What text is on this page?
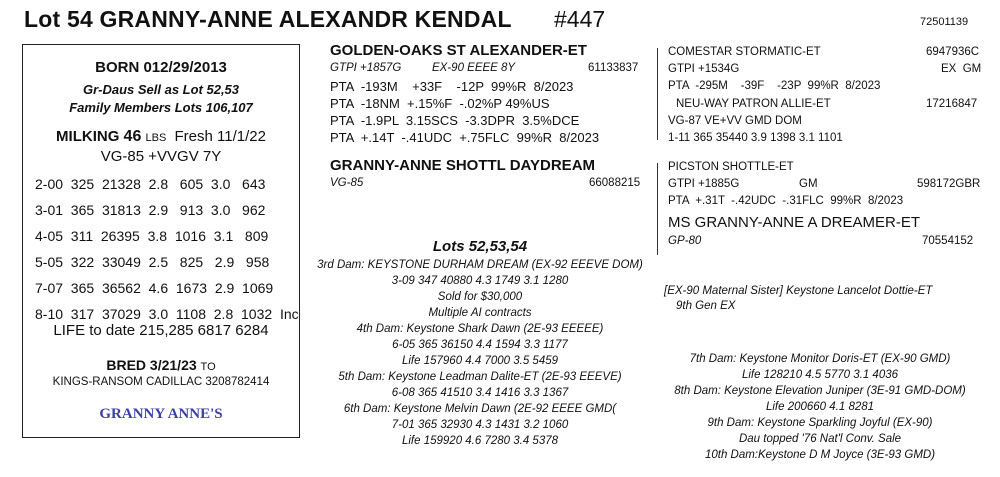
Lot 54 GRANNY-ANNE ALEXANDR KENDAL #447	72501139
BORN 012/29/2013
Gr-Daus Sell as Lot 52,53
Family Members Lots 106,107
MILKING 46 LBS Fresh 11/1/22
VG-85 +VVGV 7Y
2-00  325  21328  2.8   605  3.0   643
3-01  365  31813  2.9   913  3.0   962
4-05  311  26395  3.8  1016  3.1   809
5-05  322  33049  2.5   825   2.9   958
7-07  365  36562  4.6  1673  2.9  1069
8-10  317  37029  3.0  1108  2.8  1032  Inc
LIFE to date 215,285 6817 6284
BRED 3/21/23 TO
KINGS-RANSOM CADILLAC 3208782414
GRANNY ANNE'S
GOLDEN-OAKS ST ALEXANDER-ET
GTPI +1857G	EX-90 EEEE 8Y	61133837
PTA  -193M    +33F    -12P  99%R  8/2023
PTA  -18NM  +.15%F  -.02%P 49%US
PTA  -1.9PL  3.15SCS  -3.3DPR  3.5%DCE
PTA  +.14T  -.41UDC  +.75FLC  99%R  8/2023
GRANNY-ANNE SHOTTL DAYDREAM
VG-85	66088215
COMESTAR STORMATIC-ET	6947936C
GTPI +1534G	EX  GM
PTA  -295M    -39F    -23P  99%R  8/2023
NEU-WAY PATRON ALLIE-ET	17216847
VG-87 VE+VV GMD DOM
1-11 365 35440 3.9 1398 3.1 1101
PICSTON SHOTTLE-ET
GTPI +1885G	GM	598172GBR
PTA  +.31T  -.42UDC  -.31FLC  99%R  8/2023
MS GRANNY-ANNE A DREAMER-ET
GP-80	70554152
Lots 52,53,54
3rd Dam: KEYSTONE DURHAM DREAM (EX-92 EEEVE DOM)
3-09 347 40880 4.3 1749 3.1 1280
Sold for $30,000
Multiple AI contracts
4th Dam: Keystone Shark Dawn (2E-93 EEEEE)
6-05 365 36150 4.4 1594 3.3 1177
Life 157960 4.4 7000 3.5 5459
5th Dam: Keystone Leadman Dalite-ET (2E-93 EEEVE)
6-08 365 41510 3.4 1416 3.3 1367
6th Dam: Keystone Melvin Dawn (2E-92 EEEE GMD(
7-01 365 32930 4.3 1431 3.2 1060
Life 159920 4.6 7280 3.4 5378
[EX-90 Maternal Sister] Keystone Lancelot Dottie-ET
9th Gen EX
7th Dam: Keystone Monitor Doris-ET (EX-90 GMD)
Life 128210 4.5 5770 3.1 4036
8th Dam: Keystone Elevation Juniper (3E-91 GMD-DOM)
Life 200660 4.1 8281
9th Dam: Keystone Sparkling Joyful (EX-90)
Dau topped '76 Nat'l Conv. Sale
10th Dam:Keystone D M Joyce (3E-93 GMD)
